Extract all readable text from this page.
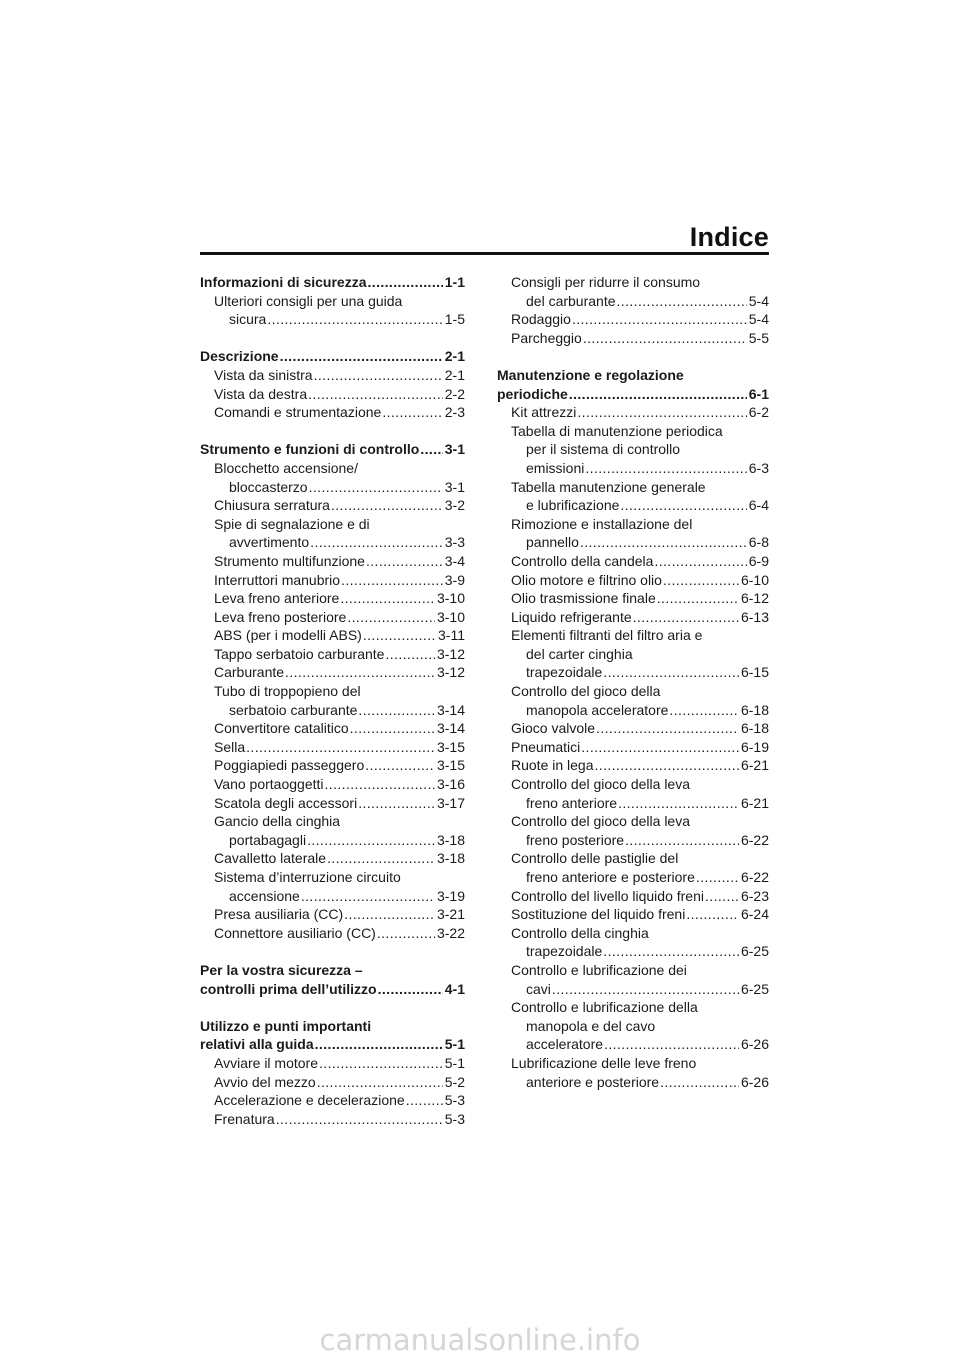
Indice
Informazioni di sicurezza .....	1-1
Ulteriori consigli per una guida
sicura .....	1-5
Descrizione .....	2-1
Vista da sinistra .....	2-1
Vista da destra .....	2-2
Comandi e strumentazione .....	2-3
Strumento e funzioni di controllo ..... 3-1
Blocchetto accensione/
bloccasterzo .....	3-1
Chiusura serratura .....	3-2
Spie di segnalazione e di
avvertimento .....	3-3
Strumento multifunzione .....	3-4
Interruttori manubrio .....	3-9
Leva freno anteriore .....	3-10
Leva freno posteriore .....	3-10
ABS (per i modelli ABS) .....	3-11
Tappo serbatoio carburante .....	3-12
Carburante .....	3-12
Tubo di troppopieno del
serbatoio carburante .....	3-14
Convertitore catalitico .....	3-14
Sella .....	3-15
Poggiapiedi passeggero .....	3-15
Vano portaoggetti .....	3-16
Scatola degli accessori .....	3-17
Gancio della cinghia
portabagagli .....	3-18
Cavalletto laterale .....	3-18
Sistema d’interruzione circuito
accensione .....	3-19
Presa ausiliaria (CC) .....	3-21
Connettore ausiliario (CC) .....	3-22
Per la vostra sicurezza –
controlli prima dell’utilizzo .....	4-1
Utilizzo e punti importanti
relativi alla guida .....	5-1
Avviare il motore .....	5-1
Avvio del mezzo .....	5-2
Accelerazione e decelerazione .....	5-3
Frenatura .....	5-3
Consigli per ridurre il consumo
del carburante .....	5-4
Rodaggio .....	5-4
Parcheggio .....	5-5
Manutenzione e regolazione
periodiche .....	6-1
Kit attrezzi .....	6-2
Tabella di manutenzione periodica
per il sistema di controllo
emissioni .....	6-3
Tabella manutenzione generale
e lubrificazione .....	6-4
Rimozione e installazione del
pannello .....	6-8
Controllo della candela .....	6-9
Olio motore e filtrino olio .....	6-10
Olio trasmissione finale .....	6-12
Liquido refrigerante .....	6-13
Elementi filtranti del filtro aria e
del carter cinghia
trapezoidale .....	6-15
Controllo del gioco della
manopola acceleratore .....	6-18
Gioco valvole .....	6-18
Pneumatici .....	6-19
Ruote in lega .....	6-21
Controllo del gioco della leva
freno anteriore .....	6-21
Controllo del gioco della leva
freno posteriore .....	6-22
Controllo delle pastiglie del
freno anteriore e posteriore .....	6-22
Controllo del livello liquido freni .....	6-23
Sostituzione del liquido freni .....	6-24
Controllo della cinghia
trapezoidale .....	6-25
Controllo e lubrificazione dei
cavi .....	6-25
Controllo e lubrificazione della
manopola e del cavo
acceleratore .....	6-26
Lubrificazione delle leve freno
anteriore e posteriore .....	6-26
carmanualsonline.info
